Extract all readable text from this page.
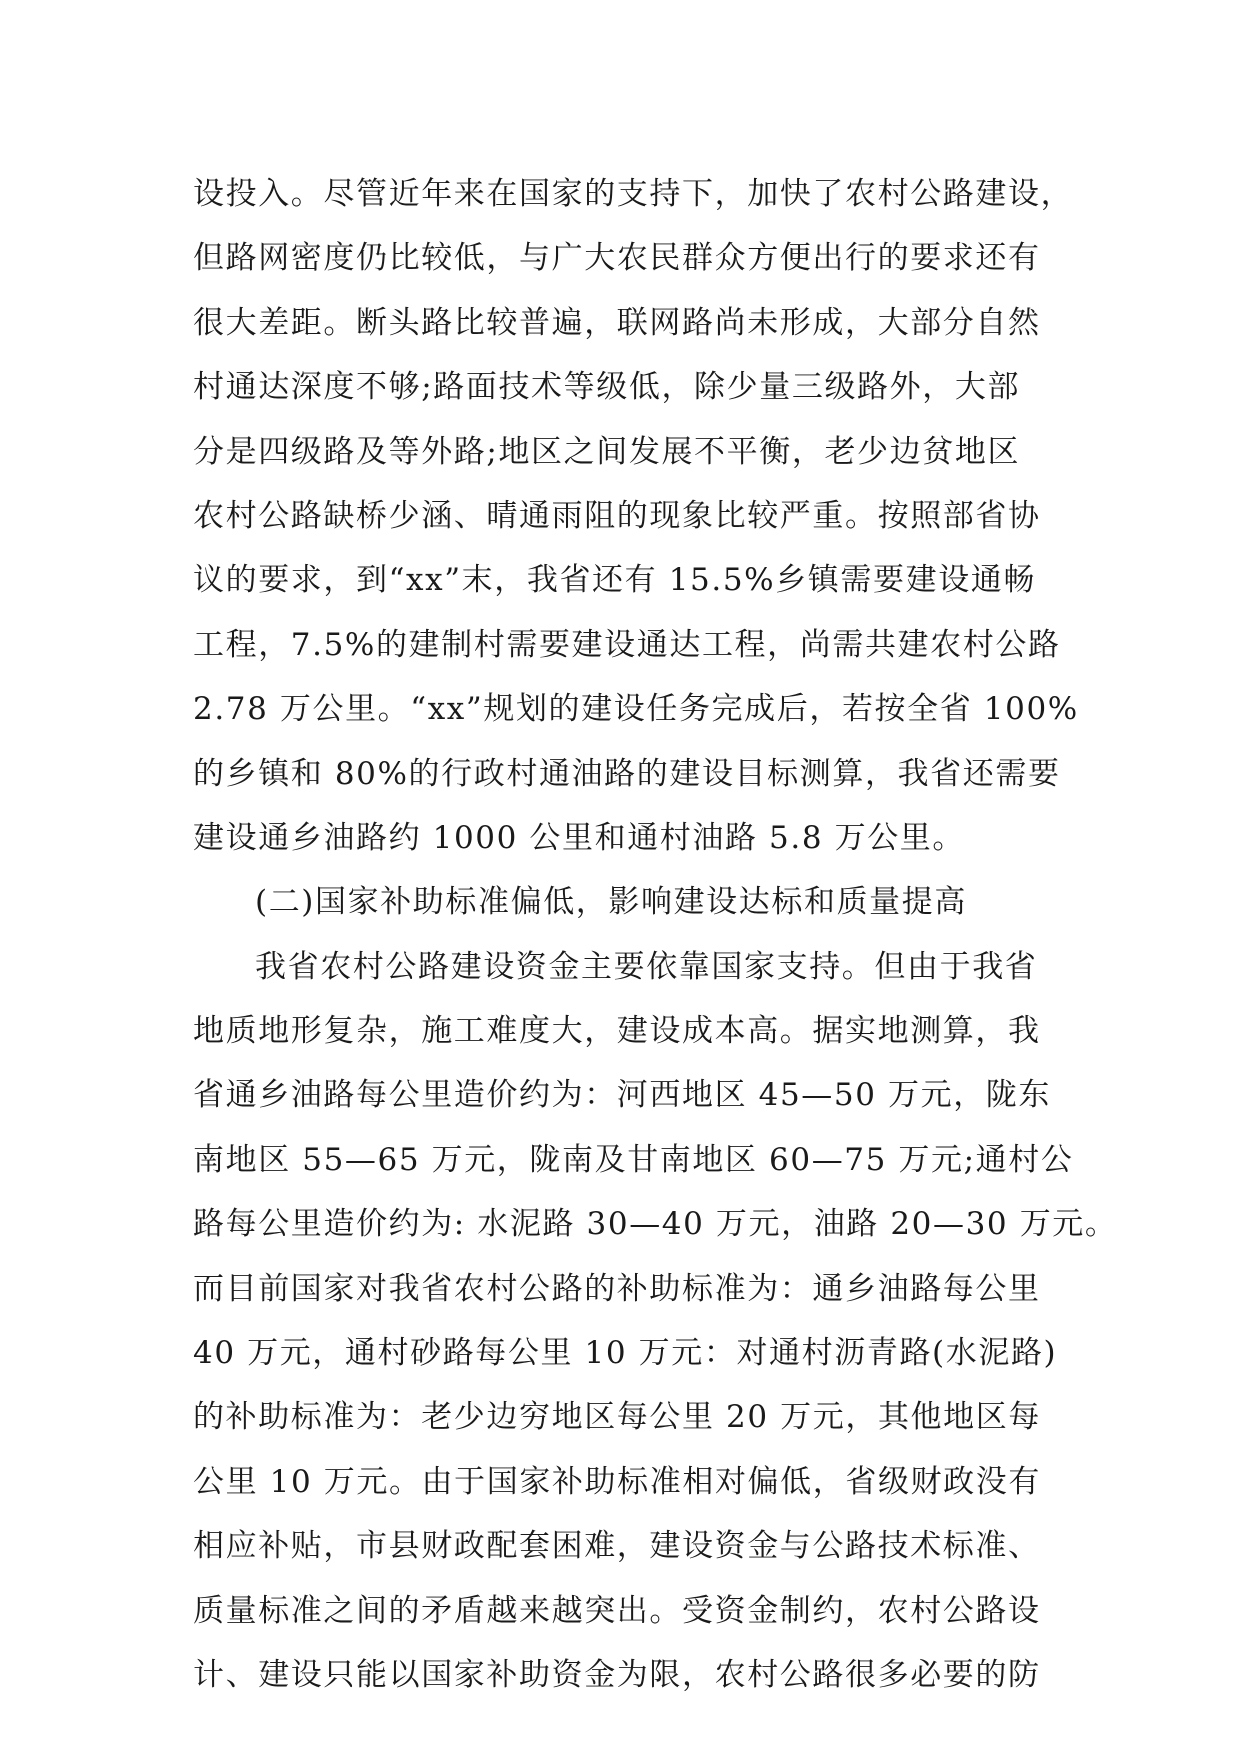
设投入。尽管近年来在国家的支持下，加快了农村公路建设，
但路网密度仍比较低，与广大农民群众方便出行的要求还有
很大差距。断头路比较普遍，联网路尚未形成，大部分自然
村通达深度不够;路面技术等级低，除少量三级路外，大部
分是四级路及等外路;地区之间发展不平衡，老少边贫地区
农村公路缺桥少涵、晴通雨阻的现象比较严重。按照部省协
议的要求，到“xx”末，我省还有 15.5%乡镇需要建设通畅
工程，7.5%的建制村需要建设通达工程，尚需共建农村公路
2.78 万公里。“xx”规划的建设任务完成后，若按全省 100%
的乡镇和 80%的行政村通油路的建设目标测算，我省还需要
建设通乡油路约 1000 公里和通村油路 5.8 万公里。
(二)国家补助标准偏低，影响建设达标和质量提高
我省农村公路建设资金主要依靠国家支持。但由于我省
地质地形复杂，施工难度大，建设成本高。据实地测算，我
省通乡油路每公里造价约为：河西地区 45—50 万元，陇东
南地区 55—65 万元，陇南及甘南地区 60—75 万元;通村公
路每公里造价约为: 水泥路 30—40 万元，油路 20—30 万元。
而目前国家对我省农村公路的补助标准为：通乡油路每公里
40 万元，通村砂路每公里 10 万元：对通村沥青路(水泥路)
的补助标准为：老少边穷地区每公里 20 万元，其他地区每
公里 10 万元。由于国家补助标准相对偏低，省级财政没有
相应补贴，市县财政配套困难，建设资金与公路技术标准、
质量标准之间的矛盾越来越突出。受资金制约，农村公路设
计、建设只能以国家补助资金为限，农村公路很多必要的防
